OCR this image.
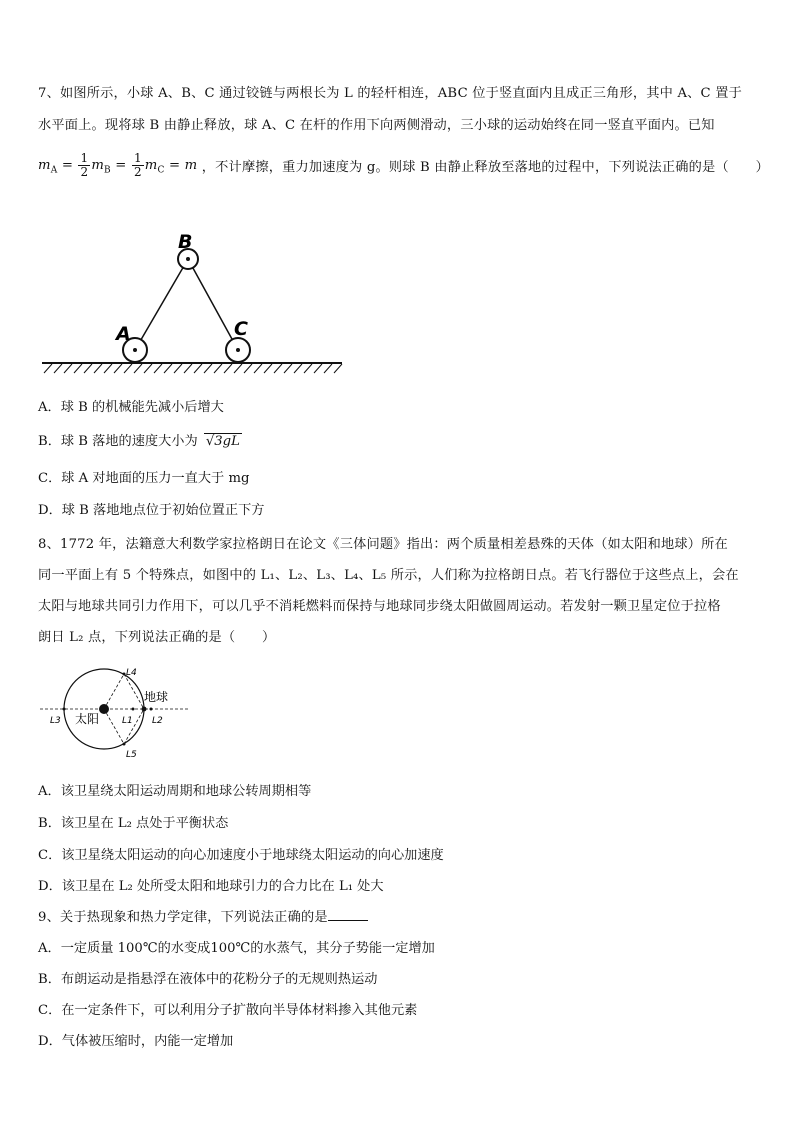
7、如图所示，小球 A、B、C 通过铰链与两根长为 L 的轻杆相连，ABC 位于竖直面内且成正三角形，其中 A、C 置于
水平面上。现将球 B 由静止释放，球 A、C 在杆的作用下向两侧滑动，三小球的运动始终在同一竖直平面内。已知
$m_A = \frac{1}{2} m_B = \frac{1}{2} m_C = m$ ，不计摩擦，重力加速度为 g。则球 B 由静止释放至落地的过程中，下列说法正确的是（　　）
B
A	C
A．球 B 的机械能先减小后增大
B．球 B 落地的速度大小为 √3gL
C．球 A 对地面的压力一直大于 mg
D．球 B 落地地点位于初始位置正下方
8、1772 年，法籍意大利数学家拉格朗日在论文《三体问题》指出：两个质量相差悬殊的天体（如太阳和地球）所在
同一平面上有 5 个特殊点，如图中的 L₁、L₂、L₃、L₄、L₅ 所示，人们称为拉格朗日点。若飞行器位于这些点上，会在
太阳与地球共同引力作用下，可以几乎不消耗燃料而保持与地球同步绕太阳做圆周运动。若发射一颗卫星定位于拉格
朗日 L₂ 点，下列说法正确的是（　　）
太阳
地球
L4
L5
L3	L1 L2
A．该卫星绕太阳运动周期和地球公转周期相等
B．该卫星在 L₂ 点处于平衡状态
C．该卫星绕太阳运动的向心加速度小于地球绕太阳运动的向心加速度
D．该卫星在 L₂ 处所受太阳和地球引力的合力比在 L₁ 处大
9、关于热现象和热力学定律，下列说法正确的是
A．一定质量 100℃的水变成100℃的水蒸气，其分子势能一定增加
B．布朗运动是指悬浮在液体中的花粉分子的无规则热运动
C．在一定条件下，可以利用分子扩散向半导体材料掺入其他元素
D．气体被压缩时，内能一定增加
